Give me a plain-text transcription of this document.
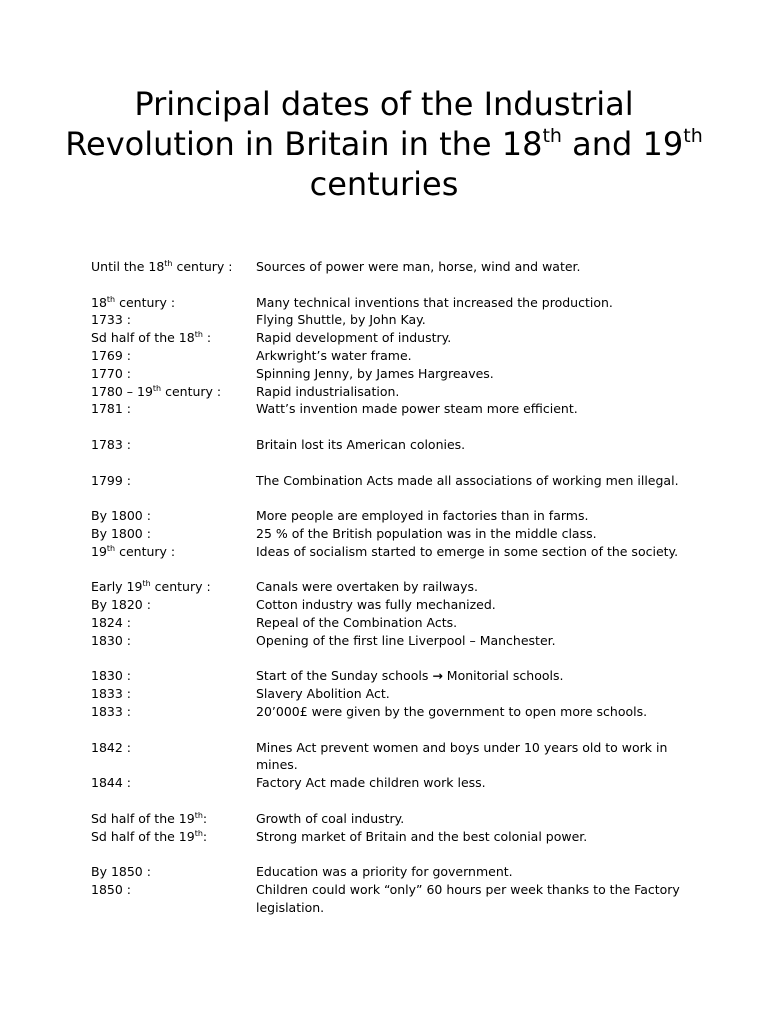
Principal dates of the Industrial Revolution in Britain in the 18th and 19th centuries
Until the 18th century :	Sources of power were man, horse, wind and water.
18th century :	Many technical inventions that increased the production.
1733 :	Flying Shuttle, by John Kay.
Sd half of the 18th :	Rapid development of industry.
1769 :	Arkwright’s water frame.
1770 :	Spinning Jenny, by James Hargreaves.
1780 – 19th century :	Rapid industrialisation.
1781 :	Watt’s invention made power steam more efficient.
1783 :	Britain lost its American colonies.
1799 :	The Combination Acts made all associations of working men illegal.
By 1800 :	More people are employed in factories than in farms.
By 1800 :	25 % of the British population was in the middle class.
19th century :	Ideas of socialism started to emerge in some section of the society.
Early 19th century :	Canals were overtaken by railways.
By 1820 :	Cotton industry was fully mechanized.
1824 :	Repeal of the Combination Acts.
1830 :	Opening of the first line Liverpool – Manchester.
1830 :	Start of the Sunday schools → Monitorial schools.
1833 :	Slavery Abolition Act.
1833 :	20’000£ were given by the government to open more schools.
1842 :	Mines Act prevent women and boys under 10 years old to work in mines.
1844 :	Factory Act made children work less.
Sd half of the 19th:	Growth of coal industry.
Sd half of the 19th:	Strong market of Britain and the best colonial power.
By 1850 :	Education was a priority for government.
1850 :	Children could work “only” 60 hours per week thanks to the Factory legislation.
